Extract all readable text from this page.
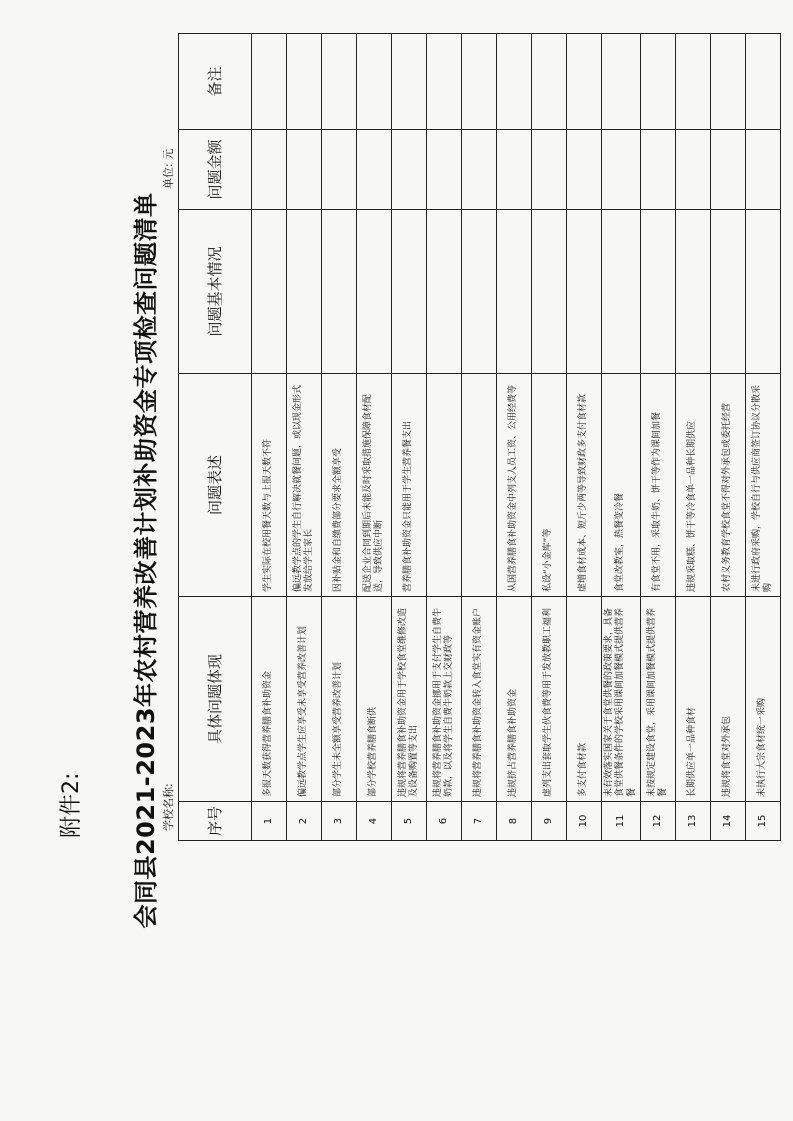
附件2: 会同县2021-2023年农村营养改善计划补助资金专项检查问题清单 学校名称:
单位: 元
序号	具体问题体现	问题表述	问题基本情况	问题金额	备注
1	多报天数获得营养膳食补助资金	学生实际在校用餐天数与上报天数不符			
2	偏远教学点学生应享受未享受营养改善计划	偏远教学点的学生自行解决就餐问题，或以现金形式发放给学生家长			
3	部分学生未全额享受营养改善计划	因补贴金和自缴费部分要求全额享受			
4	部分学校营养膳食断供	配送企业合同到期后未能及时采取措施保障食材配送，导致供应中断			
5	违规将营养膳食补助资金用于学校食堂维修改造及设备购置等支出	营养膳食补助资金只能用于学生营养餐支出			
6	违规将营养膳食补助资金挪用于支付学生自费牛奶款，以及将学生自费牛奶款上交财政等				
7	违规将营养膳食补助资金转入食堂实有资金账户				
8	违规挤占营养膳食补助资金	从国营养膳食补助资金中列支人员工资、公用经费等			
9	虚列支出套取学生伙食费等用于发放教职工福利	私设“小金库”等			
10	多支付食材款	虚增食材成本、短斤少两等导致财政多支付食材款			
11	未有效落实国家关于食堂供餐的政策要求，具备食堂供餐条件的学校采用课间加餐模式提供营养餐	食堂改教室，热餐变冷餐			
12	未按规定建设食堂，采用课间加餐模式提供营养餐	有食堂不用，采取牛奶、饼干等作为课间加餐			
13	长期供应单一品种食材	违规采取糕、饼干等冷食单一品种长期供应			
14	违规将食堂对外承包	农村义务教育学校食堂不得对外承包或委托经营			
15	未执行大宗食材统一采购	未进行政府采购，学校自行与供应商签订协议分散采购			
